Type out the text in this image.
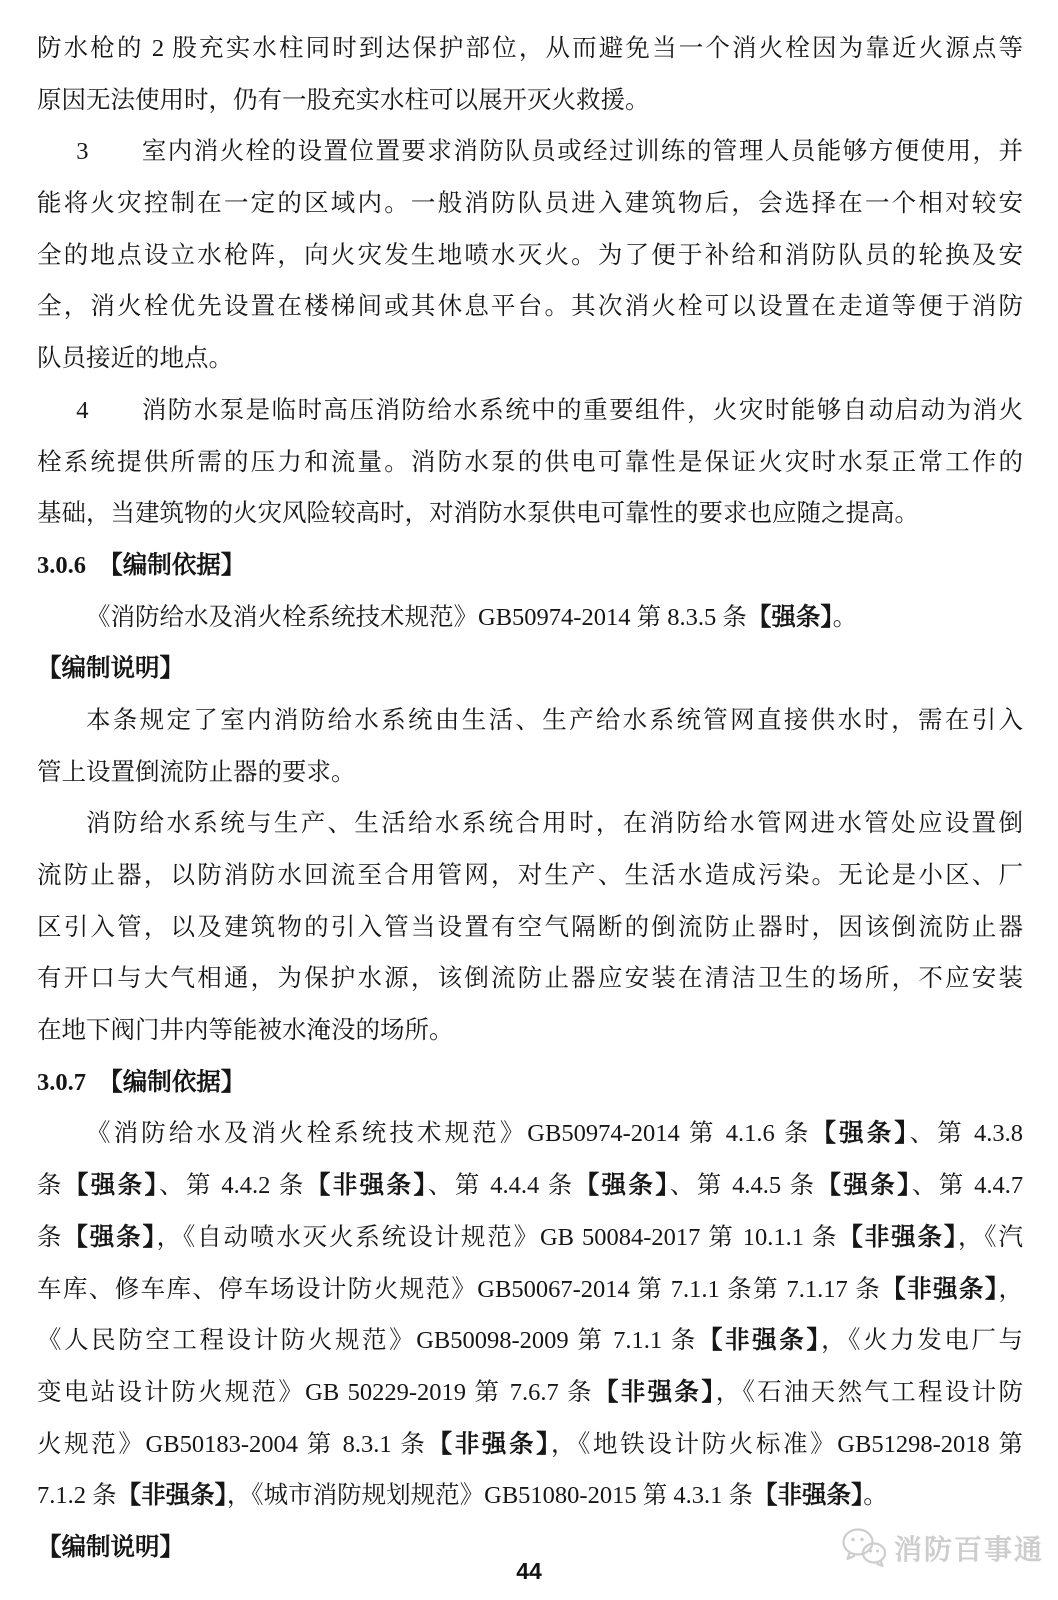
防水枪的 2 股充实水柱同时到达保护部位，从而避免当一个消火栓因为靠近火源点等
原因无法使用时，仍有一股充实水柱可以展开灭火救援。
3　　室内消火栓的设置位置要求消防队员或经过训练的管理人员能够方便使用，并
能将火灾控制在一定的区域内。一般消防队员进入建筑物后，会选择在一个相对较安
全的地点设立水枪阵，向火灾发生地喷水灭火。为了便于补给和消防队员的轮换及安
全，消火栓优先设置在楼梯间或其休息平台。其次消火栓可以设置在走道等便于消防
队员接近的地点。
4　　消防水泵是临时高压消防给水系统中的重要组件，火灾时能够自动启动为消火
栓系统提供所需的压力和流量。消防水泵的供电可靠性是保证火灾时水泵正常工作的
基础，当建筑物的火灾风险较高时，对消防水泵供电可靠性的要求也应随之提高。
3.0.6　【编制依据】
《消防给水及消火栓系统技术规范》GB50974-2014 第 8.3.5 条【强条】。
【编制说明】
本条规定了室内消防给水系统由生活、生产给水系统管网直接供水时，需在引入
管上设置倒流防止器的要求。
消防给水系统与生产、生活给水系统合用时，在消防给水管网进水管处应设置倒
流防止器，以防消防水回流至合用管网，对生产、生活水造成污染。无论是小区、厂
区引入管，以及建筑物的引入管当设置有空气隔断的倒流防止器时，因该倒流防止器
有开口与大气相通，为保护水源，该倒流防止器应安装在清洁卫生的场所，不应安装
在地下阀门井内等能被水淹没的场所。
3.0.7　【编制依据】
《消防给水及消火栓系统技术规范》GB50974-2014 第 4.1.6 条【强条】、第 4.3.8
条【强条】、第 4.4.2 条【非强条】、第 4.4.4 条【强条】、第 4.4.5 条【强条】、第 4.4.7
条【强条】，《自动喷水灭火系统设计规范》GB 50084-2017 第 10.1.1 条【非强条】，《汽
车库、修车库、停车场设计防火规范》GB50067-2014 第 7.1.1 条第 7.1.17 条【非强条】，
《人民防空工程设计防火规范》GB50098-2009 第 7.1.1 条【非强条】，《火力发电厂与
变电站设计防火规范》GB 50229-2019 第 7.6.7 条【非强条】，《石油天然气工程设计防
火规范》GB50183-2004 第 8.3.1 条【非强条】，《地铁设计防火标准》GB51298-2018 第
7.1.2 条【非强条】，《城市消防规划规范》GB51080-2015 第 4.3.1 条【非强条】。
【编制说明】	消防百事通
44
